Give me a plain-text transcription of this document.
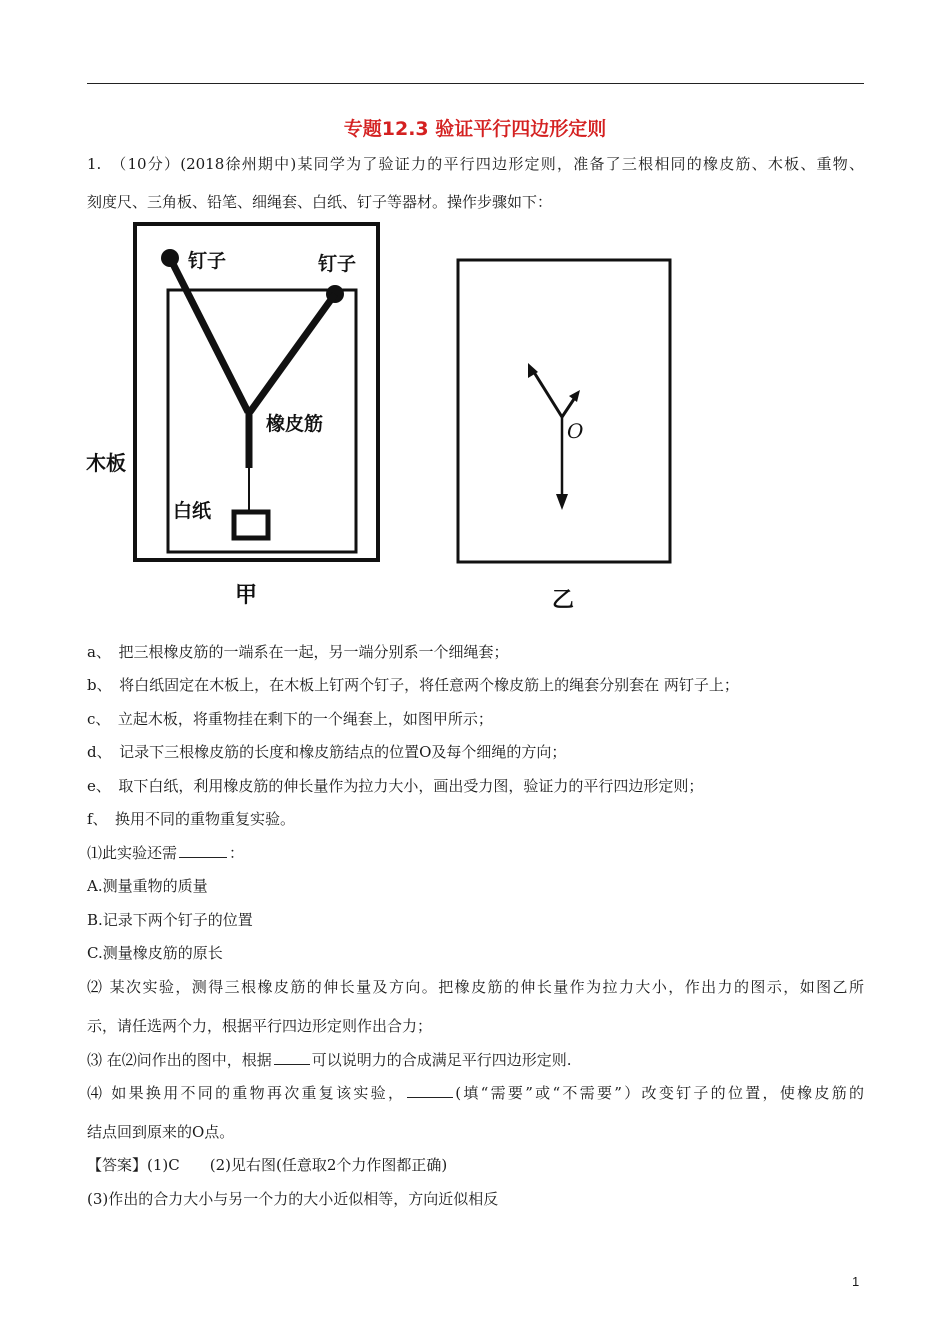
专题12.3 验证平行四边形定则
1.　（10分）(2018徐州期中)某同学为了验证力的平行四边形定则，准备了三根相同的橡皮筋、木板、重物、
刻度尺、三角板、铅笔、细绳套、白纸、钉子等器材。操作步骤如下：
钉子	钉子
橡皮筋
木板
白纸
甲
O
乙
a、　把三根橡皮筋的一端系在一起，另一端分别系一个细绳套；
b、　将白纸固定在木板上，在木板上钉两个钉子，将任意两个橡皮筋上的绳套分别套在 两钉子上；
c、　立起木板，将重物挂在剩下的一个绳套上，如图甲所示；
d、　记录下三根橡皮筋的长度和橡皮筋结点的位置O及每个细绳的方向；
e、　取下白纸，利用橡皮筋的伸长量作为拉力大小，画出受力图，验证力的平行四边形定则；
f、　换用不同的重物重复实验。
⑴此实验还需	：
A.测量重物的质量
B.记录下两个钉子的位置
C.测量橡皮筋的原长
⑵ 某次实验，测得三根橡皮筋的伸长量及方向。把橡皮筋的伸长量作为拉力大小，作出力的图示，如图乙所
示，请任选两个力，根据平行四边形定则作出合力；
⑶ 在⑵问作出的图中，根据	可以说明力的合成满足平行四边形定则.
⑷ 如果换用不同的重物再次重复该实验，	(填“需要”或“不需要”）改变钉子的位置，使橡皮筋的
结点回到原来的O点。
【答案】(1)C　　(2)见右图(任意取2个力作图都正确)
(3)作出的合力大小与另一个力的大小近似相等，方向近似相反
1
